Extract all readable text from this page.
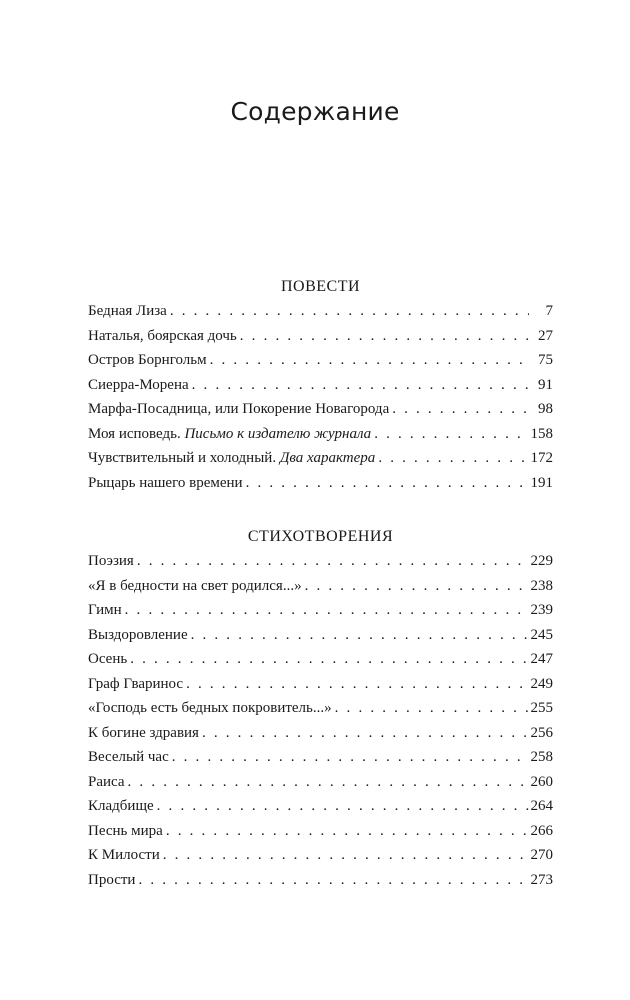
Содержание
ПОВЕСТИ
Бедная Лиза . . .	7
Наталья, боярская дочь . . .	27
Остров Борнгольм . . .	75
Сиерра-Морена . . .	91
Марфа-Посадница, или Покорение Новагорода . . .	98
Моя исповедь. Письмо к издателю журнала . . .	158
Чувствительный и холодный. Два характера . . .	172
Рыцарь нашего времени . . .	191
СТИХОТВОРЕНИЯ
Поэзия . . .	229
«Я в бедности на свет родился...» . . .	238
Гимн . . .	239
Выздоровление . . .	245
Осень . . .	247
Граф Гваринос . . .	249
«Господь есть бедных покровитель...» . . .	255
К богине здравия . . .	256
Веселый час . . .	258
Раиса . . .	260
Кладбище . . .	264
Песнь мира . . .	266
К Милости . . .	270
Прости . . .	273
